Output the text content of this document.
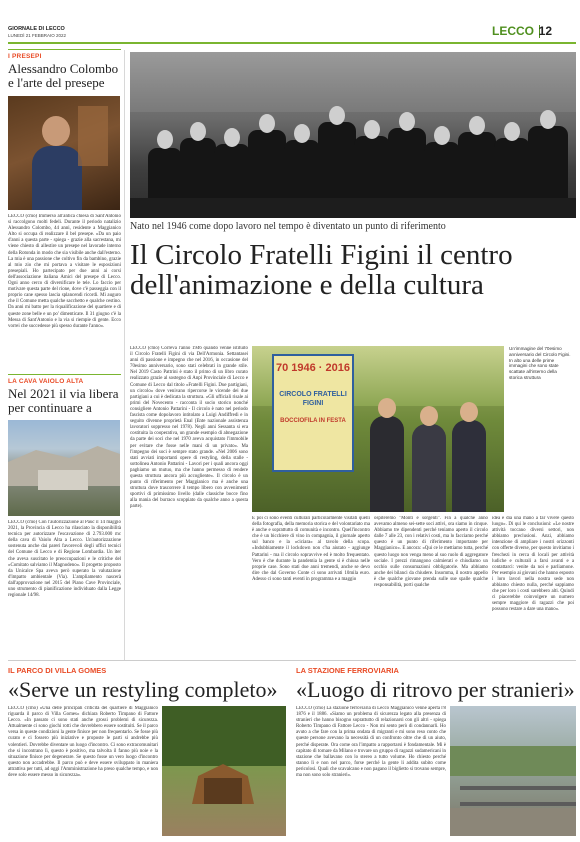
GIORNALE DI LECCO
LUNEDÌ 21 FEBBRAIO 2022	LECCO 12
I PRESEPI
Alessandro Colombo
e l'arte del presepe
LECCO (cmo) Immerso all'antica chiesa di Sant'Antonio si raccolgono molti fedeli. Durante il periodo natalizio Alessandro Colombo, 44 anni, residente a Maggianico Alto si occupa di realizzare il bel presepe. «Da un paio d'anni a questa parte - spiega - grazie alla sacrestana, mi viene chiesto di allestire un presepe nel lavorade interno della Rotonda in modo che sia visibile anche dall'esterno. La mia è una passione che coltivo fin da bambino, grazie al mio zio che mi portava a visitare le esposizioni presepiali. Ho partecipato per due anni ai corsi dell'associazione italiana Amici del presepe di Lecco. Ogni anno cerco di diversificare le tele. Lo faccio per motivare questa parte del rione, dove c'è passeggia con il proprio cane spesso lascia splancendi ricordi. Mi auguro che il Comune metta qualche sacchetto e qualche cestino. Da anni mi batto per la riqualificazione del quartiere e di queste zone belle e un po' dimenticate. Il 31 giugno c'è la Messa di Sant'Antonio e la via si riempie di gente. Ecco vorrei che succedesse più spesso durante l'anno».
LA CAVA VAIOLO ALTA
Nel 2021 il via libera
per continuare a
LECCO (cmo) Con l'autorizzazione al Pauc il 14 maggio 2021, la Provincia di Lecco ha rilasciato la disponibilità tecnica per autorizzare l'escavazione di 2.793.000 mc della cava di Vaiolo Alta a Lecco. Un'autorizzazione sostenuta anche dai pareri favorevoli degli uffici tecnici del Comune di Lecco e di Regione Lombardia. Un iter che aveva suscitato le preoccupazioni e le critiche del «Comitato salviamo il Magnodeno». Il progetto proposto da Unicalce Spa aveva però superato la valutazione d'impatto ambientale (Via). L'ampliamento nascerà dall'approvazione nel 2015 del Piano Cave Provinciale, uno strumento di pianificazione individuato dalla Legge regionale 14/98.
Nato nel 1946 come dopo lavoro nel tempo è diventato un punto di riferimento
Il Circolo Fratelli Figini il centro
dell'animazione e della cultura
LECCO (cmo) Correva l'anno 1946 quando venne istituito il Circolo Fratelli Figini di via Dell'Armonia. Settantasei anni di passione e impegno che nel 2016, in occasione del 70esimo anniversario, sono stati celebrati in grande stile. Nel 2019 Casto Pattrini è stato il primo di un libro curato realizzato grazie al sostegno di Anpi Provinciale di Lecco e Comune di Lecco dal titolo «Fratelli Figini. Due partigiani, un circolo» dove venivano ripercorse le vicende dei due partigiani a cui è dedicata la struttura. «Gli ufficiali risale ai primi del Novecento - racconta il socio storico nonché consigliere Antonio Pattarini - Il circolo è nato nel periodo fascista come dopolavoro intitolato a Luigi Andiffredi e in seguito divenne proprietà Enal (Ente nazionale assistenza lavoratori soppresso nel 1978). Negli anni Sessanta si era costituita la cooperativa, un grande esempio di abnegazione da parte dei soci che nel 1970 aveva acquistato l'immobile per evitare che fosse nelle mani di un privato». Ma l'impegno dei soci è sempre stato grande. «Nel 2006 sono stati avviati importanti opere di restyling, della stalle - sottolinea Antonio Pattarini - Lavori per i quali ancora oggi paghiamo un mutuo, ma che hanno permesso di rendere questa struttura ancora più accogliente». Il circolo è un punto di riferimento per Maggianico ma è anche una struttura dove trascorrere il tempo libero con avvenimenti sportivi di primissimo livello (dalle classiche bocce fino alla mania del burraco scoppiato da qualche anno a questa parte).
70 1946 · 2016
CIRCOLO FRATELLI FIGINI
BOCCIOFILA IN FESTA
Un'immagine del 70esimo anniversario del Circolo Figini. In alto una delle prime immagini che sono state scattate all'interno della storica struttura
È poi ci sono eventi culturali particolarmente visitati quelli della fotografia, della memoria storica e del volontariato ma è anche e soprattutto di comunità e incontro. Quell'incontro che è un bicchiere di vino in compagnia, il giornale aperto sul banco e la «ciciara» al tavolo della scopa. «Indubbiamente il lockdown non c'ha aiutato - aggiunge Pattarini - ma il circolo sopravvive ed è molto frequentato. Vero è che durante la pandemia la gente si è chiusa nelle proprie case. Sono stati due anni tremendi, anche se devo dire che dal Governo Conte ci sono arrivati 10mila euro. Adesso ci sono tanti eventi in programma e a maggio
ospiteremo "Monti e sorgenti". Fin a qualche anno avevamo almeno sei-sette soci attivi, ora siamo in cinque. Abbiamo tre dipendenti perché teniamo aperto il circolo dalle 7 alle 23, con i relativi costi, ma lo facciamo perché questo è un punto di riferimento importante per Maggianico». E ancora: «Qui ce le mettiamo tutta, perché questo luogo non venga meno al suo ruolo di aggregatore sociale. I prezzi rimangono calmierati e chiudiamo un occhio sulle consumazioni obbligatorie. Ma abbiamo anche dei bilanci da chiudere. Insomma, il nostro appello è che qualche giovane prenda sulle sue spalle qualche responsabilità, porti qualche
idea e dia una mano a far vivere questo luogo». Di qui le conclusioni: «Le nostre attività toccano diversi settori, non abbiamo preclusioni. Anzi, abbiamo intenzione di ampliare i nostri orizzonti con offerte diverse, per questo invitiamo i freschezi in cerca di locali per attività ludiche e culturali a farsi avanti e a contattarci: venite da noi e parliamone. Per esempio ai giovani che hanno esposto i loro lavori nella nostra sede non abbiamo chiesto nulla, perché sappiamo che per loro i costi sarebbero alti. Quindi ci piacerebbe coinvolgere un numero sempre maggiore di ragazzi che poi possono restare a dare una mano».
IL PARCO DI VILLA GOMES
«Serve un restyling completo»
LECCO (cmo) «Una delle principali criticità del quartiere di Maggianico riguarda il parco di Villa Gomes» dichiara Roberto Timpano di Fattore Lecco. «In passato ci sono stati anche grossi problemi di sicurezza. Attualmente ci sono giochi rotti che dovrebbero essere sostituiti. Se il parco versa in queste condizioni la gente finisce per non frequentarlo. Se fosse più curato e ci fossero più iniziative e proposte le parti si andrebbe più volentieri. Dovrebbe diventare un luogo d'incontro. Ci sono extracomunitari che si incontrano lì, questo è positivo, ma talvolta il fanno più noie e la situazione finisce per degenerare. Se questo fosse un vero luogo d'incontro questo non accadrebbe. Il parco può e deve essere sviluppato in maniera attrattiva per tutti, ad oggi l'Amministrazione ha preso qualche tempo, e non deve solo essere messo in sicurezza».
LA STAZIONE FERROVIARIA
«Luogo di ritrovo per stranieri»
LECCO (cmo) La stazione ferroviaria di Lecco Maggianico venne aperta l'8 1876 e il 1886. «Siamo un problema di sicurezza legato alla presenza di stranieri che hanno bisogno soprattutto di relazionarsi con gli altri - spiega Roberto Timpano di Fattore Lecco - Non mi sento però di condannarli. Ho avuto a che fare con la prima ondata di migranti e mi sono reso conto che queste persone avevano la necessità di un confronto oltre che di un aiuto, perché disperate. Ora come ora l'impatto a rapportarsi è fondamentale. Mi è capitato di tornare da Milano e trovare un gruppo di ragazzi sudamericani in stazione che ballavano con lo stereo a tutto volume. Ho chiesto perché stanno lì e non nel parco, forse perché la gente li addita subito come pericolosi. Quali che scavalcano e non pagano il biglietto si trovano sempre, ma non sono solo stranieri».
